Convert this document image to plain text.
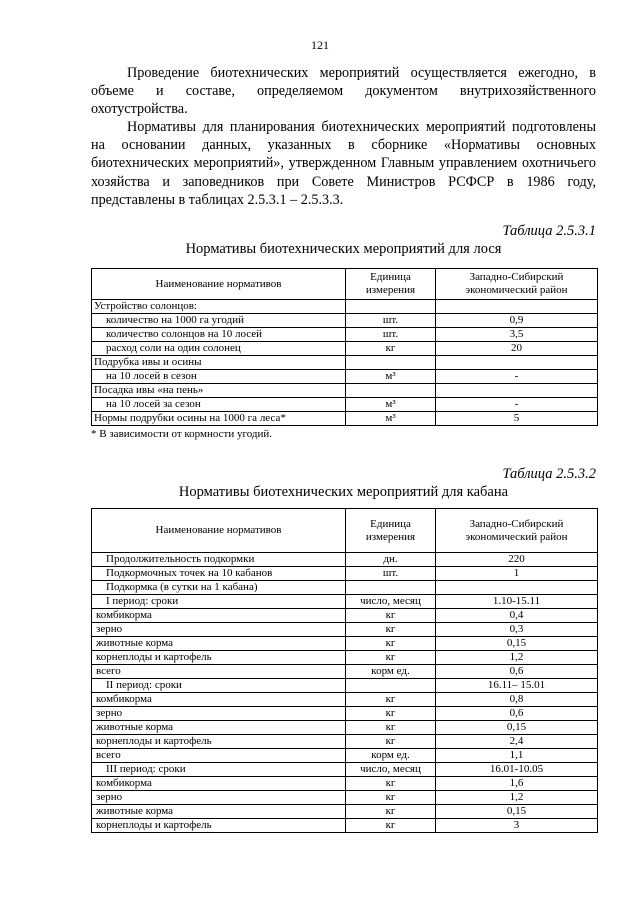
121

Проведение биотехнических мероприятий осуществляется ежегодно, в объеме и составе, определяемом документом внутрихозяйственного охотустройства.

Нормативы для планирования биотехнических мероприятий подготовлены на основании данных, указанных в сборнике «Нормативы основных биотехнических мероприятий», утвержденном Главным управлением охотничьего хозяйства и заповедников при Совете Министров РСФСР в 1986 году, представлены в таблицах 2.5.3.1 – 2.5.3.3.

Таблица 2.5.3.1
Нормативы биотехнических мероприятий для лося
Наименование нормативов	Единица измерения	Западно-Сибирский экономический район
Устройство солонцов:		
количество на 1000 га угодий	шт.	0,9
количество солонцов на 10 лосей	шт.	3,5
расход соли на один солонец	кг	20
Подрубка ивы и осины		
на 10 лосей в сезон	м³	-
Посадка ивы «на пень»		
на 10 лосей за сезон	м³	-
Нормы подрубки осины на 1000 га леса*	м³	5
* В зависимости от кормности угодий.
Таблица 2.5.3.2
Нормативы биотехнических мероприятий для кабана
Наименование нормативов	Единица измерения	Западно-Сибирский экономический район
Продолжительность подкормки	дн.	220
Подкормочных точек на 10 кабанов	шт.	1
Подкормка (в сутки на 1 кабана)		
I период: сроки	число, месяц	1.10-15.11
комбикорма	кг	0,4
зерно	кг	0,3
животные корма	кг	0,15
корнеплоды и картофель	кг	1,2
всего	корм ед.	0,6
II период: сроки		16.11– 15.01
комбикорма	кг	0,8
зерно	кг	0,6
животные корма	кг	0,15
корнеплоды и картофель	кг	2,4
всего	корм ед.	1,1
III период: сроки	число, месяц	16.01-10.05
комбикорма	кг	1,6
зерно	кг	1,2
животные корма	кг	0,15
корнеплоды и картофель	кг	3
